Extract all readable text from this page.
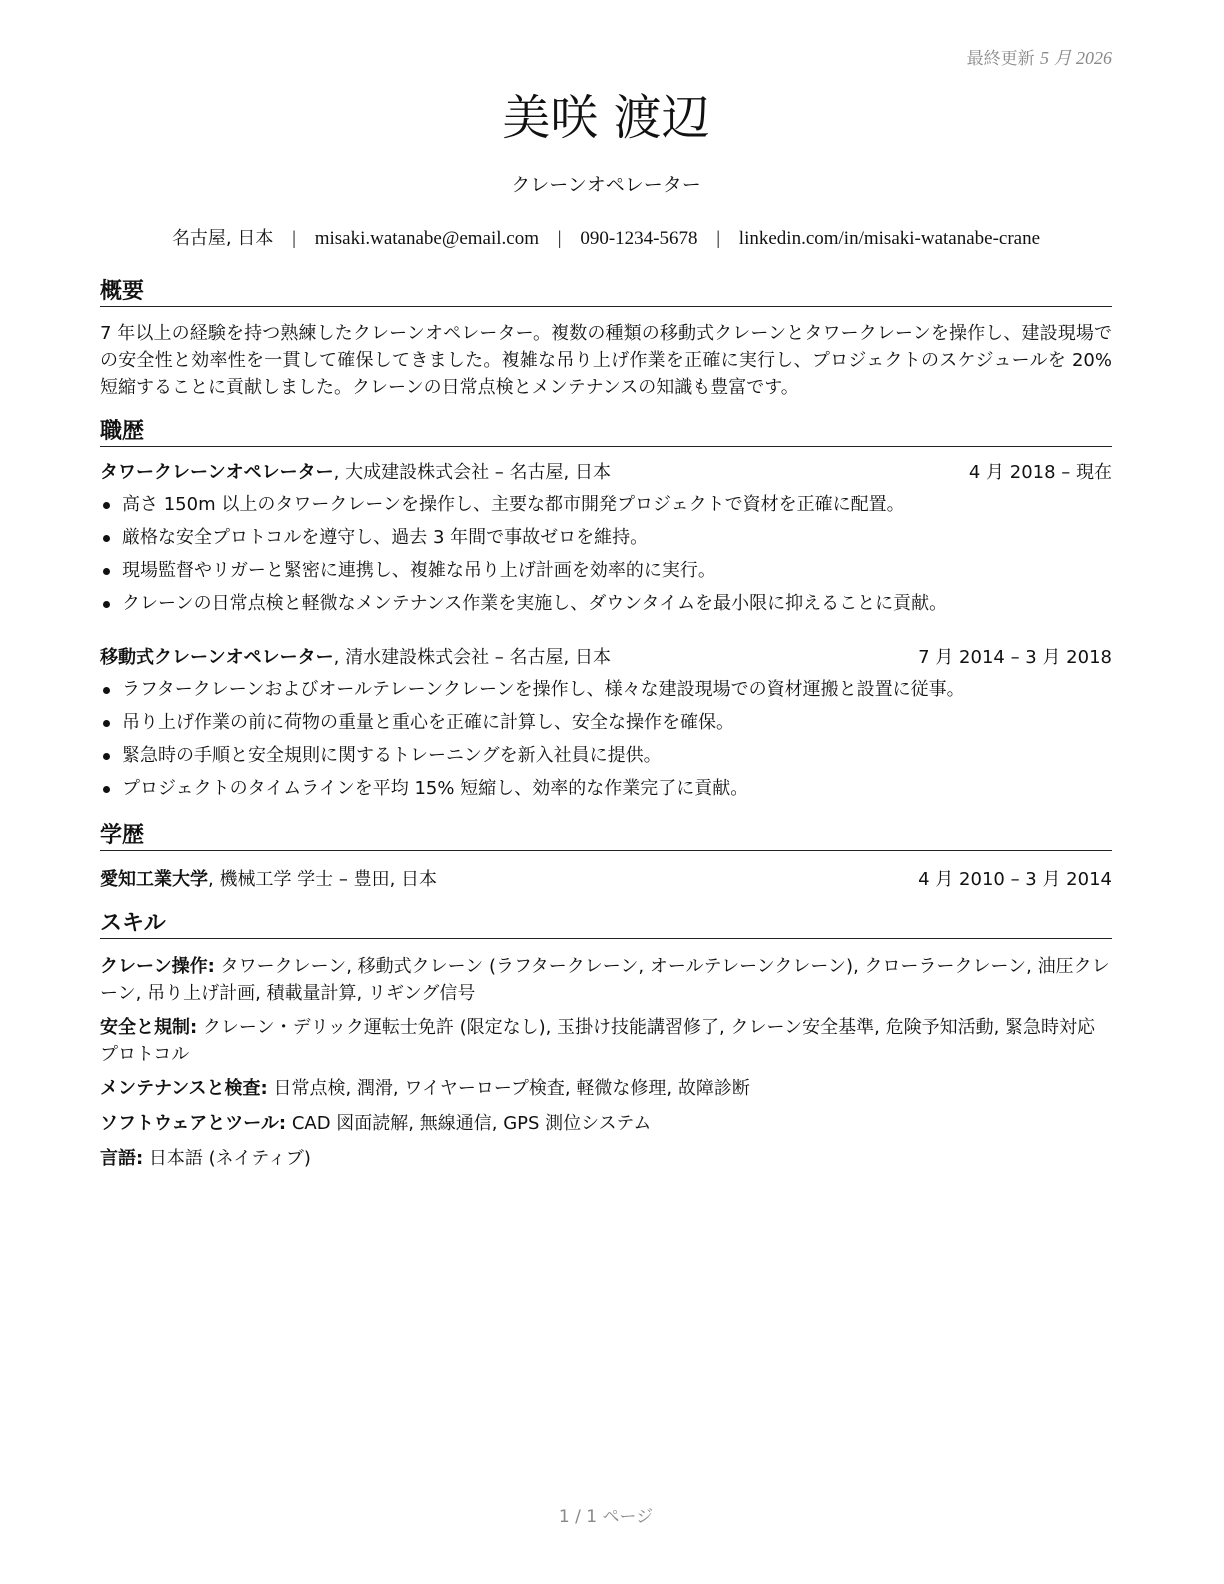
最終更新 5 月 2026
美咲 渡辺
クレーンオペレーター
名古屋, 日本 | misaki.watanabe@email.com | 090-1234-5678 | linkedin.com/in/misaki-watanabe-crane
概要
7 年以上の経験を持つ熟練したクレーンオペレーター。複数の種類の移動式クレーンとタワークレーンを操作し、建設現場での安全性と効率性を一貫して確保してきました。複雑な吊り上げ作業を正確に実行し、プロジェクトのスケジュールを 20% 短縮することに貢献しました。クレーンの日常点検とメンテナンスの知識も豊富です。
職歴
タワークレーンオペレーター, 大成建設株式会社 – 名古屋, 日本	4 月 2018 – 現在
高さ 150m 以上のタワークレーンを操作し、主要な都市開発プロジェクトで資材を正確に配置。
厳格な安全プロトコルを遵守し、過去 3 年間で事故ゼロを維持。
現場監督やリガーと緊密に連携し、複雑な吊り上げ計画を効率的に実行。
クレーンの日常点検と軽微なメンテナンス作業を実施し、ダウンタイムを最小限に抑えることに貢献。
移動式クレーンオペレーター, 清水建設株式会社 – 名古屋, 日本	7 月 2014 – 3 月 2018
ラフタークレーンおよびオールテレーンクレーンを操作し、様々な建設現場での資材運搬と設置に従事。
吊り上げ作業の前に荷物の重量と重心を正確に計算し、安全な操作を確保。
緊急時の手順と安全規則に関するトレーニングを新入社員に提供。
プロジェクトのタイムラインを平均 15% 短縮し、効率的な作業完了に貢献。
学歴
愛知工業大学, 機械工学 学士 – 豊田, 日本	4 月 2010 – 3 月 2014
スキル
クレーン操作: タワークレーン, 移動式クレーン (ラフタークレーン, オールテレーンクレーン), クローラークレーン, 油圧クレーン, 吊り上げ計画, 積載量計算, リギング信号
安全と規制: クレーン・デリック運転士免許 (限定なし), 玉掛け技能講習修了, クレーン安全基準, 危険予知活動, 緊急時対応プロトコル
メンテナンスと検査: 日常点検, 潤滑, ワイヤーロープ検査, 軽微な修理, 故障診断
ソフトウェアとツール: CAD 図面読解, 無線通信, GPS 測位システム
言語: 日本語 (ネイティブ)
1 / 1 ページ
